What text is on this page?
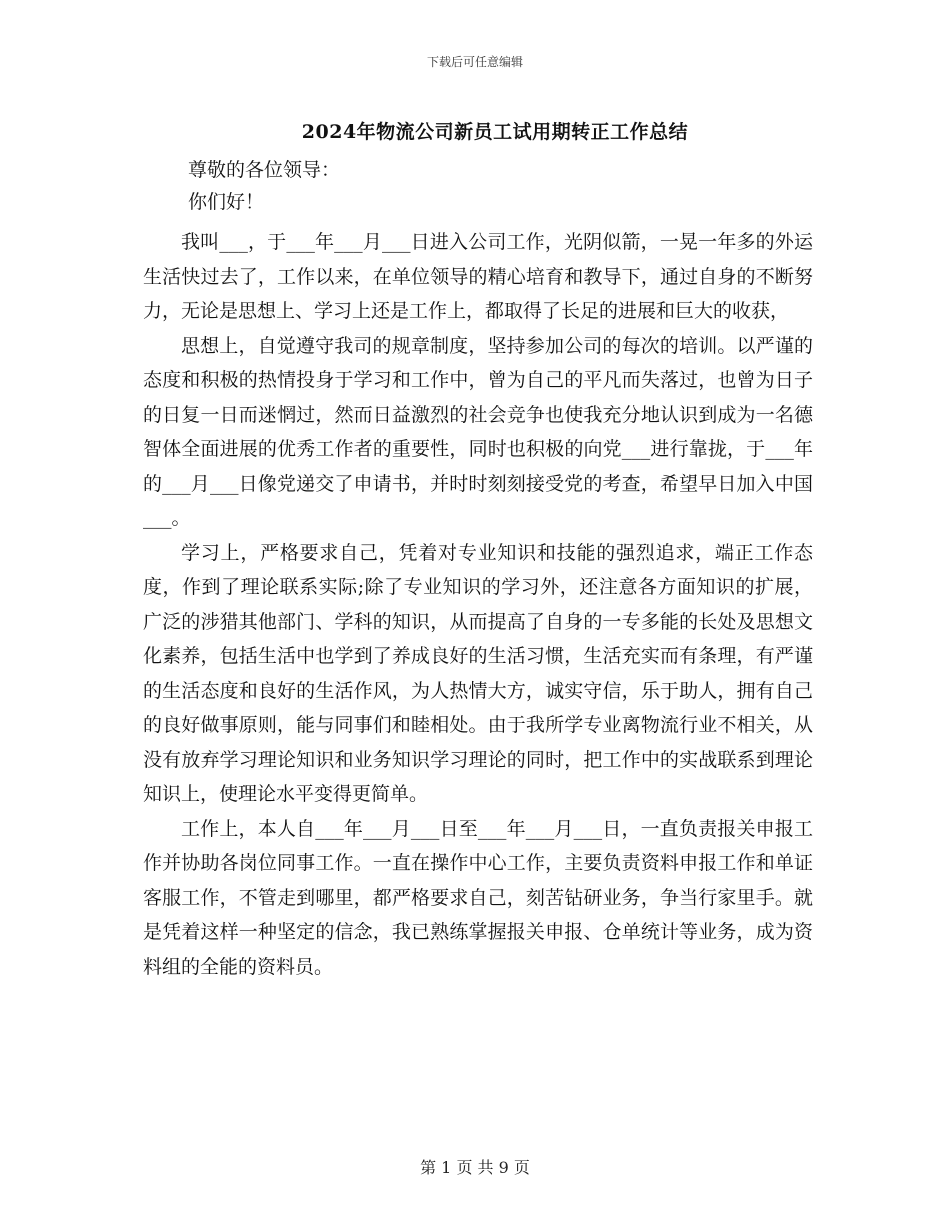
下载后可任意编辑
2024年物流公司新员工试用期转正工作总结
尊敬的各位领导：
你们好！

我叫___，于___年___月___日进入公司工作，光阴似箭，一晃一年多的外运生活快过去了，工作以来，在单位领导的精心培育和教导下，通过自身的不断努力，无论是思想上、学习上还是工作上，都取得了长足的进展和巨大的收获，

思想上，自觉遵守我司的规章制度，坚持参加公司的每次的培训。以严谨的态度和积极的热情投身于学习和工作中，曾为自己的平凡而失落过，也曾为日子的日复一日而迷惘过，然而日益激烈的社会竞争也使我充分地认识到成为一名德智体全面进展的优秀工作者的重要性，同时也积极的向党___进行靠拢，于___年的___月___日像党递交了申请书，并时时刻刻接受党的考查，希望早日加入中国___。

学习上，严格要求自己，凭着对专业知识和技能的强烈追求，端正工作态度，作到了理论联系实际;除了专业知识的学习外，还注意各方面知识的扩展，广泛的涉猎其他部门、学科的知识，从而提高了自身的一专多能的长处及思想文化素养，包括生活中也学到了养成良好的生活习惯，生活充实而有条理，有严谨的生活态度和良好的生活作风，为人热情大方，诚实守信，乐于助人，拥有自己的良好做事原则，能与同事们和睦相处。由于我所学专业离物流行业不相关，从没有放弃学习理论知识和业务知识学习理论的同时，把工作中的实战联系到理论知识上，使理论水平变得更简单。

工作上，本人自___年___月___日至___年___月___日，一直负责报关申报工作并协助各岗位同事工作。一直在操作中心工作，主要负责资料申报工作和单证客服工作，不管走到哪里，都严格要求自己，刻苦钻研业务，争当行家里手。就是凭着这样一种坚定的信念，我已熟练掌握报关申报、仓单统计等业务，成为资料组的全能的资料员。

第 1 页 共 9 页
